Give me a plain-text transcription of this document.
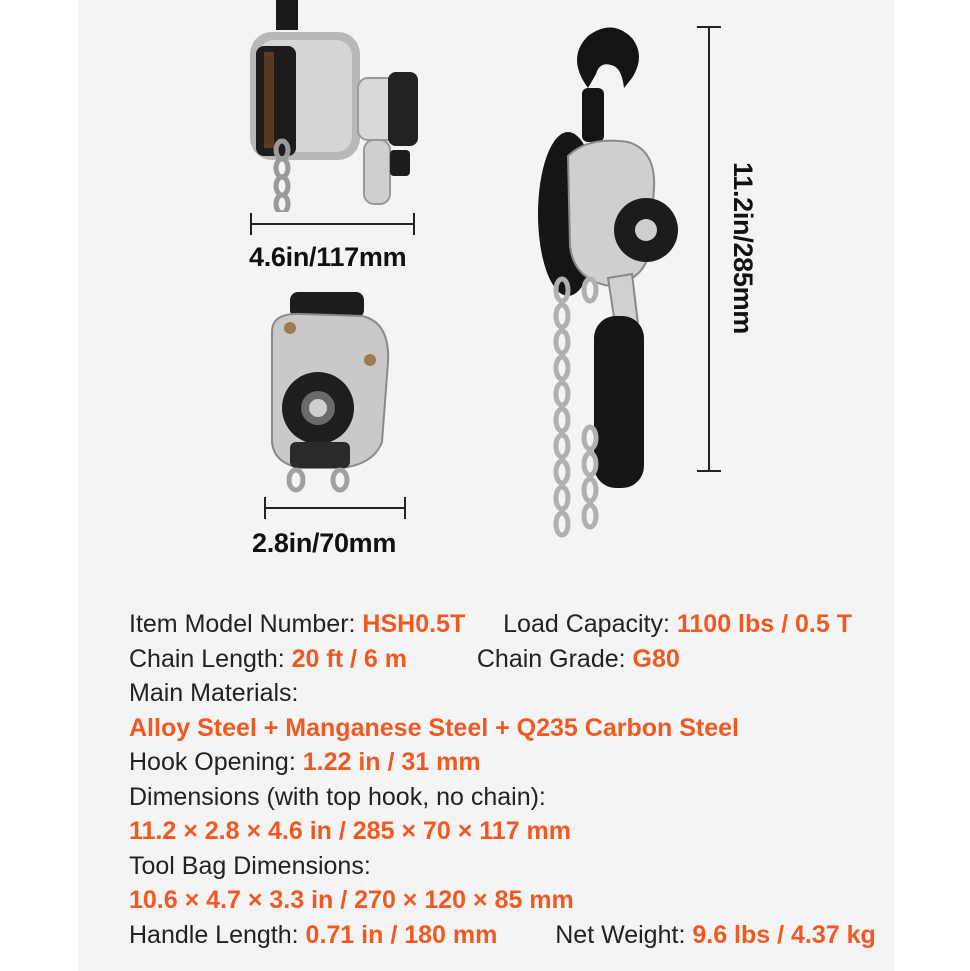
4.6in/117mm
2.8in/70mm
11.2in/285mm
Item Model Number: HSH0.5T Load Capacity: 1100 lbs / 0.5 T
Chain Length: 20 ft / 6 m	Chain Grade: G80
Main Materials:
Alloy Steel + Manganese Steel + Q235 Carbon Steel
Hook Opening: 1.22 in / 31 mm
Dimensions (with top hook, no chain):
11.2 × 2.8 × 4.6 in / 285 × 70 × 117 mm
Tool Bag Dimensions:
10.6 × 4.7 × 3.3 in / 270 × 120 × 85 mm
Handle Length: 0.71 in / 180 mm Net Weight: 9.6 lbs / 4.37 kg
